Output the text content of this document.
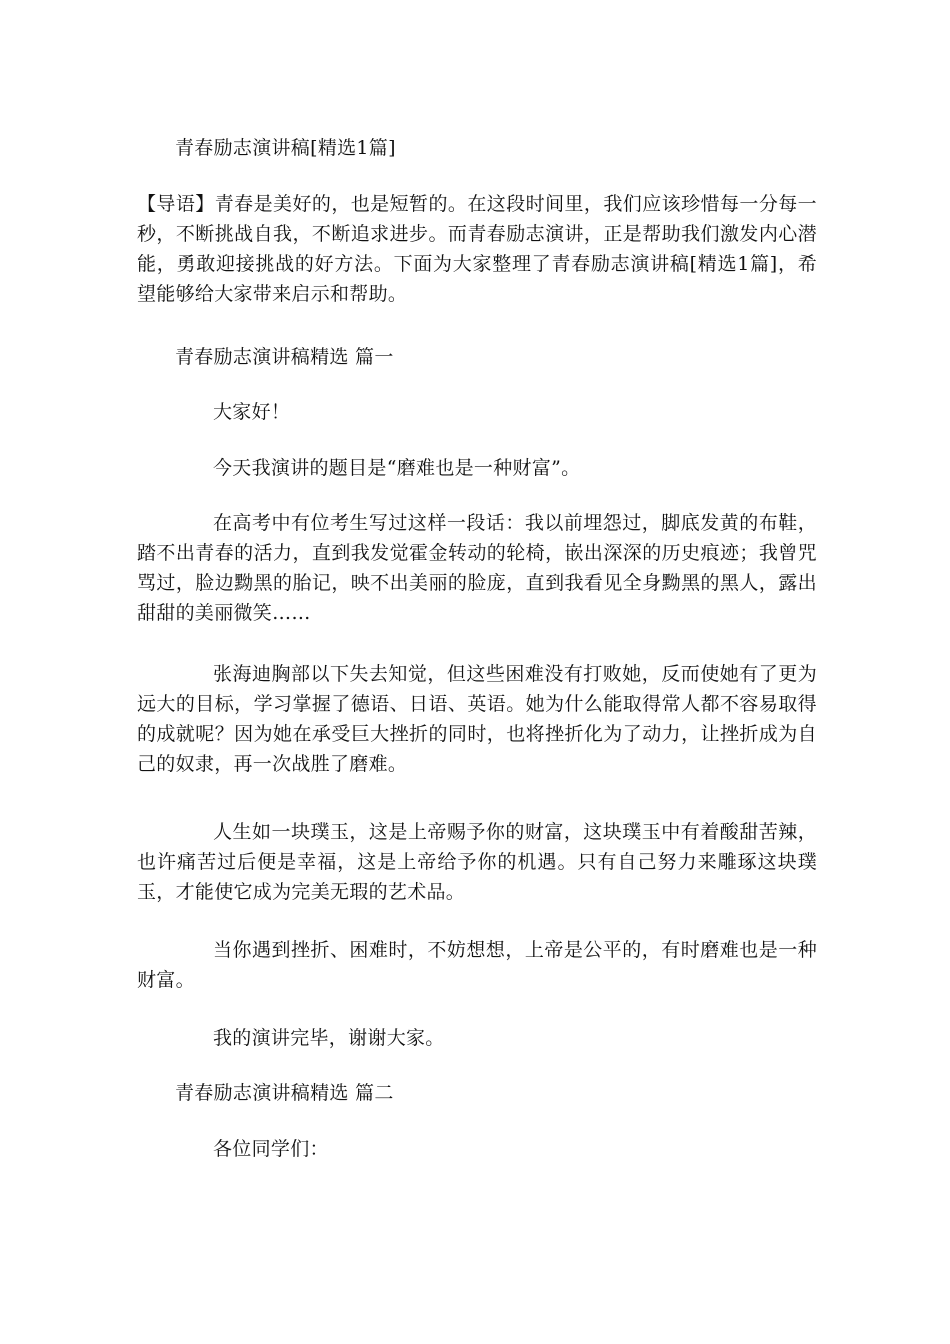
青春励志演讲稿[精选1篇]
【导语】青春是美好的，也是短暂的。在这段时间里，我们应该珍惜每一分每一秒，不断挑战自我，不断追求进步。而青春励志演讲，正是帮助我们激发内心潜能，勇敢迎接挑战的好方法。下面为大家整理了青春励志演讲稿[精选1篇]，希望能够给大家带来启示和帮助。
青春励志演讲稿精选 篇一
大家好！
今天我演讲的题目是“磨难也是一种财富”。
在高考中有位考生写过这样一段话：我以前埋怨过，脚底发黄的布鞋，踏不出青春的活力，直到我发觉霍金转动的轮椅，嵌出深深的历史痕迹；我曾咒骂过，脸边黝黑的胎记，映不出美丽的脸庞，直到我看见全身黝黑的黑人，露出甜甜的美丽微笑……
张海迪胸部以下失去知觉，但这些困难没有打败她，反而使她有了更为远大的目标，学习掌握了德语、日语、英语。她为什么能取得常人都不容易取得的成就呢？因为她在承受巨大挫折的同时，也将挫折化为了动力，让挫折成为自己的奴隶，再一次战胜了磨难。
人生如一块璞玉，这是上帝赐予你的财富，这块璞玉中有着酸甜苦辣，也许痛苦过后便是幸福，这是上帝给予你的机遇。只有自己努力来雕琢这块璞玉，才能使它成为完美无瑕的艺术品。
当你遇到挫折、困难时，不妨想想，上帝是公平的，有时磨难也是一种财富。
我的演讲完毕，谢谢大家。
青春励志演讲稿精选 篇二
各位同学们：
